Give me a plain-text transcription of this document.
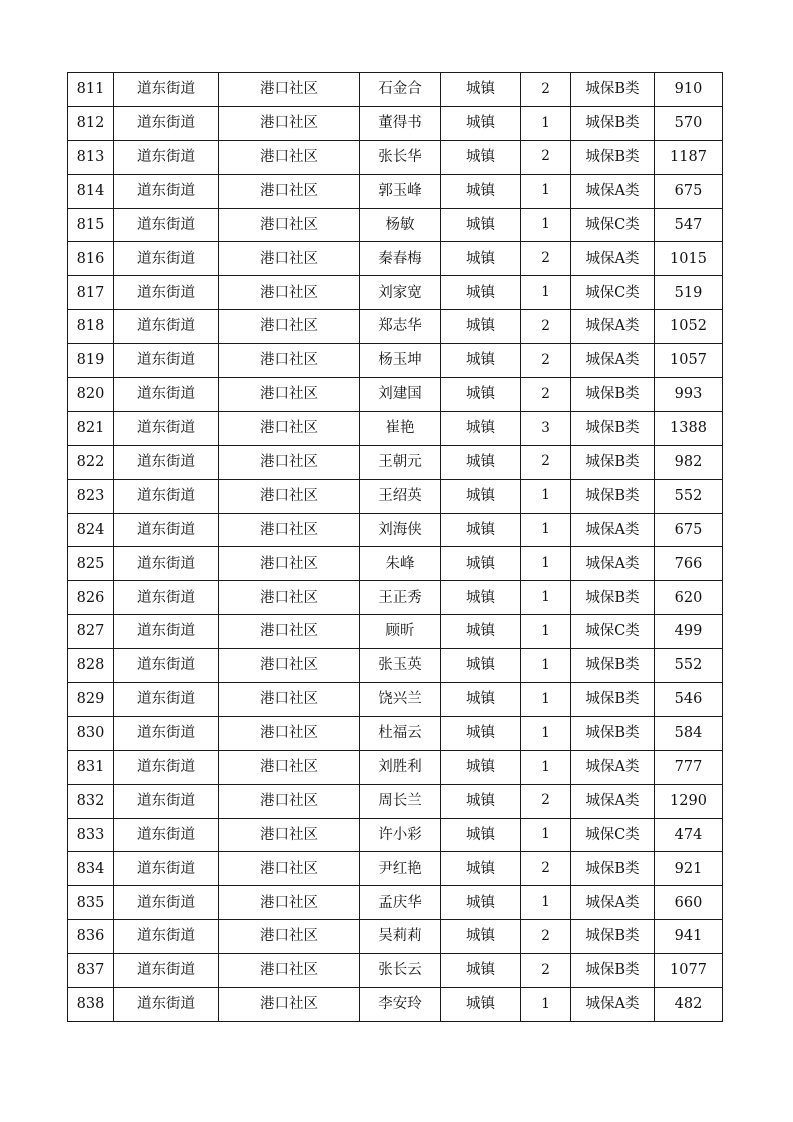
811	道东街道	港口社区	石金合	城镇	2	城保B类	910
812	道东街道	港口社区	董得书	城镇	1	城保B类	570
813	道东街道	港口社区	张长华	城镇	2	城保B类	1187
814	道东街道	港口社区	郭玉峰	城镇	1	城保A类	675
815	道东街道	港口社区	杨敏	城镇	1	城保C类	547
816	道东街道	港口社区	秦春梅	城镇	2	城保A类	1015
817	道东街道	港口社区	刘家宽	城镇	1	城保C类	519
818	道东街道	港口社区	郑志华	城镇	2	城保A类	1052
819	道东街道	港口社区	杨玉坤	城镇	2	城保A类	1057
820	道东街道	港口社区	刘建国	城镇	2	城保B类	993
821	道东街道	港口社区	崔艳	城镇	3	城保B类	1388
822	道东街道	港口社区	王朝元	城镇	2	城保B类	982
823	道东街道	港口社区	王绍英	城镇	1	城保B类	552
824	道东街道	港口社区	刘海侠	城镇	1	城保A类	675
825	道东街道	港口社区	朱峰	城镇	1	城保A类	766
826	道东街道	港口社区	王正秀	城镇	1	城保B类	620
827	道东街道	港口社区	顾昕	城镇	1	城保C类	499
828	道东街道	港口社区	张玉英	城镇	1	城保B类	552
829	道东街道	港口社区	饶兴兰	城镇	1	城保B类	546
830	道东街道	港口社区	杜福云	城镇	1	城保B类	584
831	道东街道	港口社区	刘胜利	城镇	1	城保A类	777
832	道东街道	港口社区	周长兰	城镇	2	城保A类	1290
833	道东街道	港口社区	许小彩	城镇	1	城保C类	474
834	道东街道	港口社区	尹红艳	城镇	2	城保B类	921
835	道东街道	港口社区	孟庆华	城镇	1	城保A类	660
836	道东街道	港口社区	吴莉莉	城镇	2	城保B类	941
837	道东街道	港口社区	张长云	城镇	2	城保B类	1077
838	道东街道	港口社区	李安玲	城镇	1	城保A类	482
